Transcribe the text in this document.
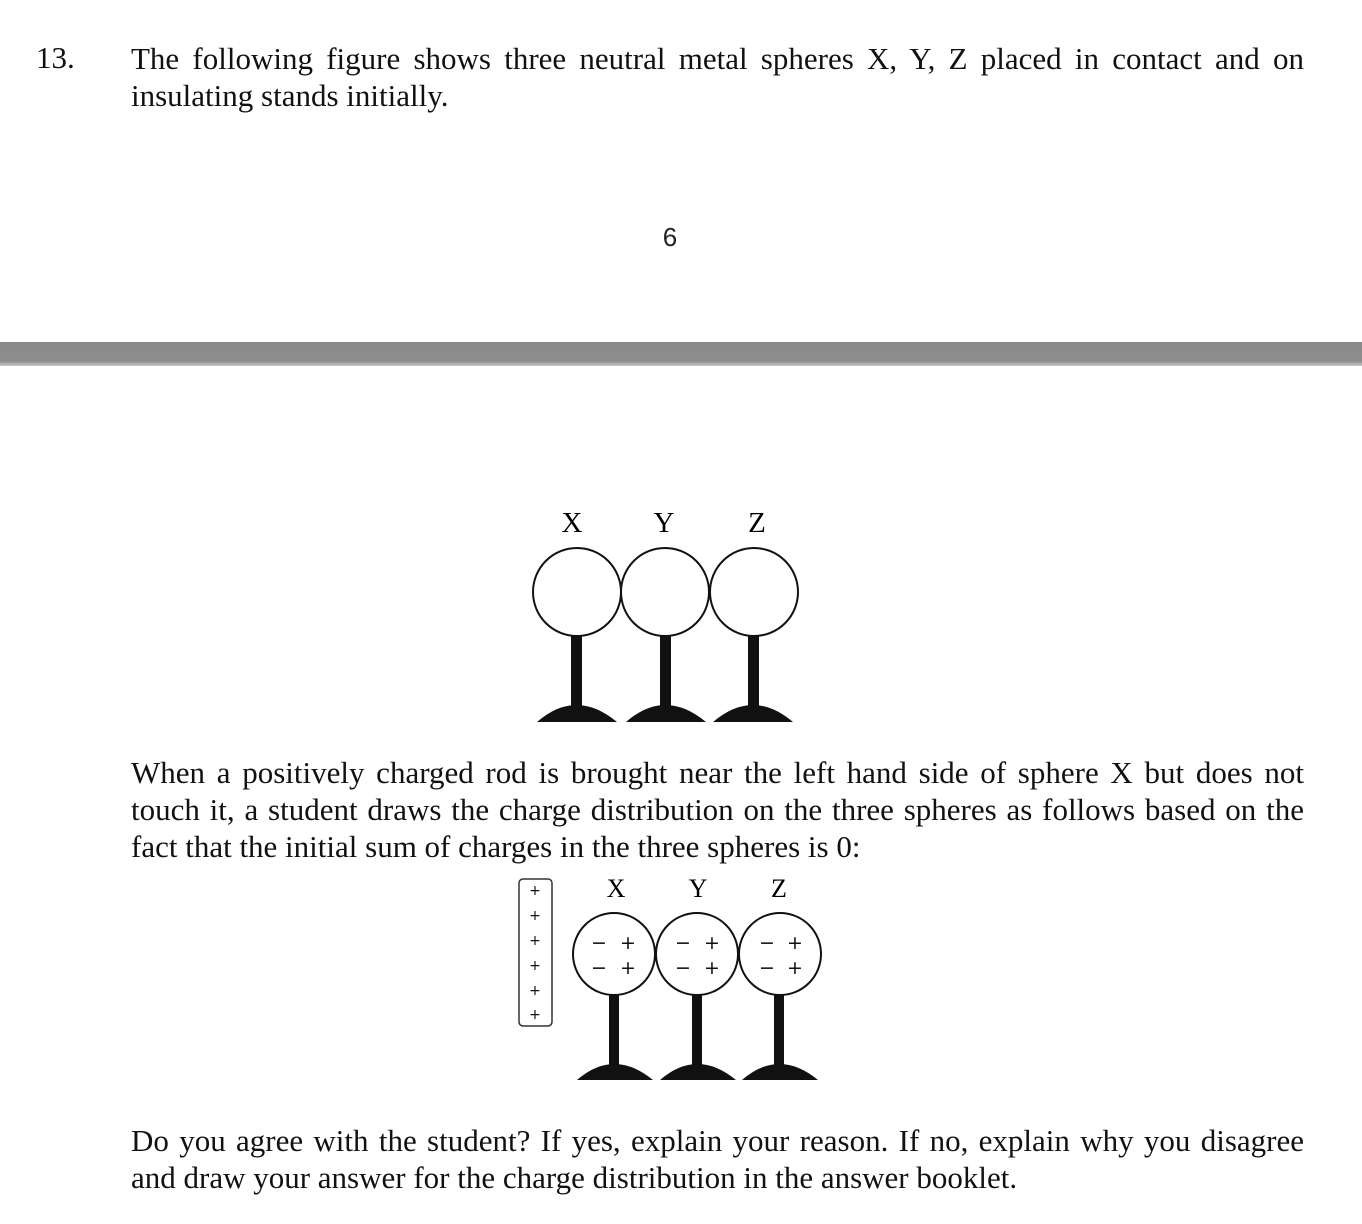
13. The following figure shows three neutral metal spheres X, Y, Z placed in contact and on
insulating stands initially.
6
X Y	Z
When a positively charged rod is brought near the left hand side of sphere X but does not
touch it, a student draws the charge distribution on the three spheres as follows based on the
fact that the initial sum of charges in the three spheres is 0:
X Y Z
+
+
+
+
+
+
− +
− +
− +
− +
− +
− +
Do you agree with the student? If yes, explain your reason. If no, explain why you disagree
and draw your answer for the charge distribution in the answer booklet.
